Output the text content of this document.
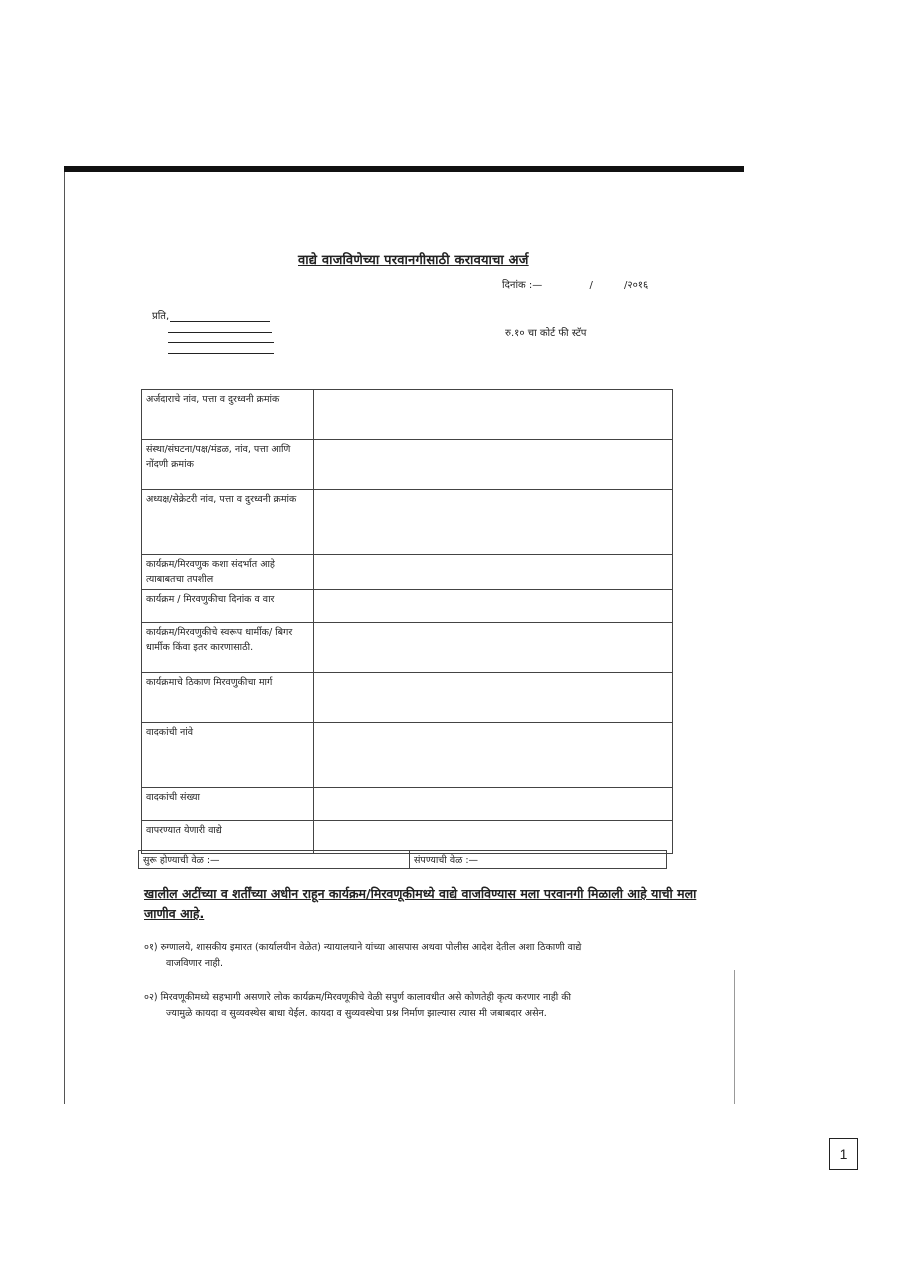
वाद्ये वाजविणेच्या परवानगीसाठी करावयाचा अर्ज
दिनांक :—	/	/२०१६
प्रति,
रु.१० चा कोर्ट फी स्टॅप
अर्जदाराचे नांव, पत्ता व दुरध्वनी क्रमांक	
संस्था/संघटना/पक्ष/मंडळ, नांव, पत्ता आणि नोंदणी क्रमांक	
अध्यक्ष/सेक्रेटरी नांव, पत्ता व दुरध्वनी क्रमांक	
कार्यक्रम/मिरवणुक कशा संदर्भात आहे त्याबाबतचा तपशील	
कार्यक्रम / मिरवणुकीचा दिनांक व वार	
कार्यक्रम/मिरवणुकीचे स्वरूप धार्मीक/ बिगर धार्मीक किंवा इतर कारणासाठी.	
कार्यक्रमाचे ठिकाण मिरवणुकीचा मार्ग	
वादकांची नांवे	
वादकांची संख्या	
वापरण्यात येणारी वाद्ये	
सुरू होण्याची वेळ :—	संपण्याची वेळ :—
खालील अटींच्या व शर्तींच्या अधीन राहून कार्यक्रम/मिरवणूकीमध्ये वाद्ये वाजविण्यास मला परवानगी मिळाली आहे याची मला जाणीव आहे.
०१) रुग्णालये, शासकीय इमारत (कार्यालयीन वेळेत) न्यायालयाने यांच्या आसपास अथवा पोलीस आदेश देतील अशा ठिकाणी वाद्ये
वाजविणार नाही.
०२) मिरवणूकीमध्ये सहभागी असणारे लोक कार्यक्रम/मिरवणूकीचे वेळी सपुर्ण कालावधीत असे कोणतेही कृत्य करणार नाही की
ज्यामुळे कायदा व सुव्यवस्थेस बाधा येईल. कायदा व सुव्यवस्थेचा प्रश्न निर्माण झाल्यास त्यास मी जबाबदार असेन.
1
